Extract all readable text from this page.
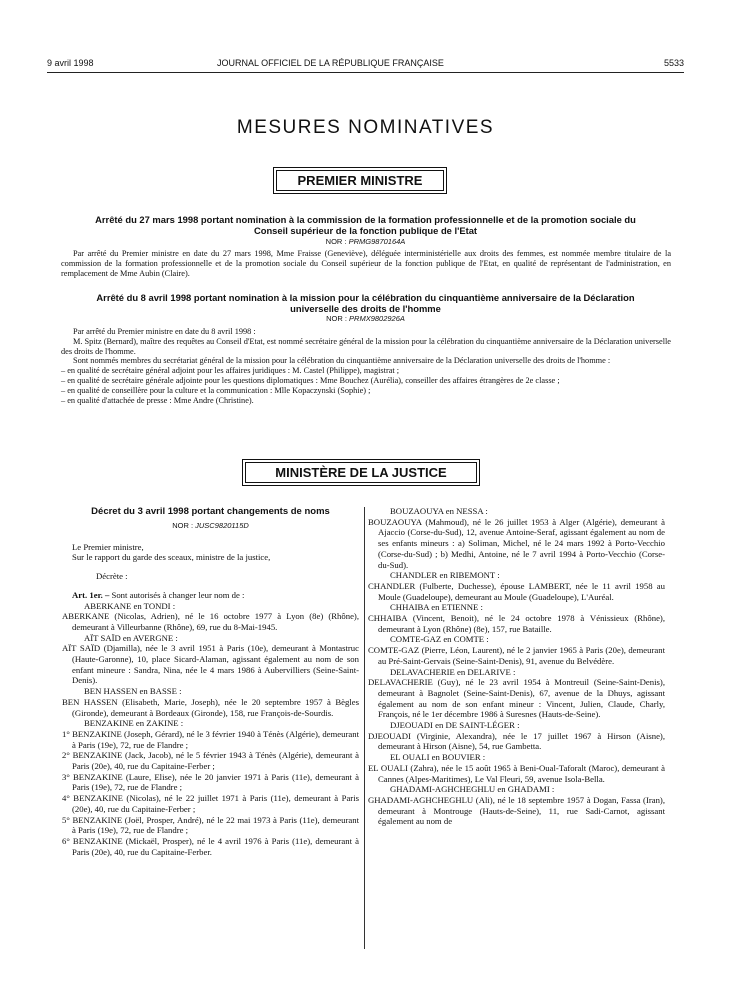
9 avril 1998	JOURNAL OFFICIEL DE LA RÉPUBLIQUE FRANÇAISE	5533
MESURES NOMINATIVES
PREMIER MINISTRE
Arrêté du 27 mars 1998 portant nomination à la commission de la formation professionnelle et de la promotion sociale du Conseil supérieur de la fonction publique de l'Etat
NOR : PRMG9870164A

Par arrêté du Premier ministre en date du 27 mars 1998, Mme Fraisse (Geneviève), déléguée interministérielle aux droits des femmes, est nommée membre titulaire de la commission de la formation professionnelle et de la promotion sociale du Conseil supérieur de la fonction publique de l'Etat, en qualité de représentant de l'administration, en remplacement de Mme Aubin (Claire).

Arrêté du 8 avril 1998 portant nomination à la mission pour la célébration du cinquantième anniversaire de la Déclaration universelle des droits de l'homme
NOR : PRMX9802926A

Par arrêté du Premier ministre en date du 8 avril 1998 :

M. Spitz (Bernard), maître des requêtes au Conseil d'Etat, est nommé secrétaire général de la mission pour la célébration du cinquantième anniversaire de la Déclaration universelle des droits de l'homme.

Sont nommés membres du secrétariat général de la mission pour la célébration du cinquantième anniversaire de la Déclaration universelle des droits de l'homme :

– en qualité de secrétaire général adjoint pour les affaires juridiques : M. Castel (Philippe), magistrat ;

– en qualité de secrétaire générale adjointe pour les questions diplomatiques : Mme Bouchez (Aurélia), conseiller des affaires étrangères de 2e classe ;

– en qualité de conseillère pour la culture et la communication : Mlle Kopaczynski (Sophie) ;

– en qualité d'attachée de presse : Mme Andre (Christine).

MINISTÈRE DE LA JUSTICE
Décret du 3 avril 1998 portant changements de noms
NOR : JUSC9820115D

Le Premier ministre,

Sur le rapport du garde des sceaux, ministre de la justice,

Décrète :

Art. 1er. – Sont autorisés à changer leur nom de :

ABERKANE en TONDI :

ABERKANE (Nicolas, Adrien), né le 16 octobre 1977 à Lyon (8e) (Rhône), demeurant à Villeurbanne (Rhône), 69, rue du 8-Mai-1945.

AÏT SAÏD en AVERGNE :

AÏT SAÏD (Djamilla), née le 3 avril 1951 à Paris (10e), demeurant à Montastruc (Haute-Garonne), 10, place Sicard-Alaman, agissant également au nom de son enfant mineure : Sandra, Nina, née le 4 mars 1986 à Aubervilliers (Seine-Saint-Denis).

BEN HASSEN en BASSE :

BEN HASSEN (Elisabeth, Marie, Joseph), née le 20 septembre 1957 à Bègles (Gironde), demeurant à Bordeaux (Gironde), 158, rue François-de-Sourdis.

BENZAKINE en ZAKINE :

1° BENZAKINE (Joseph, Gérard), né le 3 février 1940 à Ténès (Algérie), demeurant à Paris (19e), 72, rue de Flandre ;

2° BENZAKINE (Jack, Jacob), né le 5 février 1943 à Ténès (Algérie), demeurant à Paris (20e), 40, rue du Capitaine-Ferber ;

3° BENZAKINE (Laure, Elise), née le 20 janvier 1971 à Paris (11e), demeurant à Paris (19e), 72, rue de Flandre ;

4° BENZAKINE (Nicolas), né le 22 juillet 1971 à Paris (11e), demeurant à Paris (20e), 40, rue du Capitaine-Ferber ;

5° BENZAKINE (Joël, Prosper, André), né le 22 mai 1973 à Paris (11e), demeurant à Paris (19e), 72, rue de Flandre ;

6° BENZAKINE (Mickaël, Prosper), né le 4 avril 1976 à Paris (11e), demeurant à Paris (20e), 40, rue du Capitaine-Ferber.

BOUZAOUYA en NESSA :

BOUZAOUYA (Mahmoud), né le 26 juillet 1953 à Alger (Algérie), demeurant à Ajaccio (Corse-du-Sud), 12, avenue Antoine-Seraf, agissant également au nom de ses enfants mineurs : a) Soliman, Michel, né le 24 mars 1992 à Porto-Vecchio (Corse-du-Sud) ; b) Medhi, Antoine, né le 7 avril 1994 à Porto-Vecchio (Corse-du-Sud).

CHANDLER en RIBEMONT :

CHANDLER (Fulberte, Duchesse), épouse LAMBERT, née le 11 avril 1958 au Moule (Guadeloupe), demeurant au Moule (Guadeloupe), L'Auréal.

CHHAIBA en ETIENNE :

CHHAIBA (Vincent, Benoit), né le 24 octobre 1978 à Vénissieux (Rhône), demeurant à Lyon (Rhône) (8e), 157, rue Bataille.

COMTE-GAZ en COMTE :

COMTE-GAZ (Pierre, Léon, Laurent), né le 2 janvier 1965 à Paris (20e), demeurant au Pré-Saint-Gervais (Seine-Saint-Denis), 91, avenue du Belvédère.

DELAVACHERIE en DELARIVE :

DELAVACHERIE (Guy), né le 23 avril 1954 à Montreuil (Seine-Saint-Denis), demeurant à Bagnolet (Seine-Saint-Denis), 67, avenue de la Dhuys, agissant également au nom de son enfant mineur : Vincent, Julien, Claude, Charly, François, né le 1er décembre 1986 à Suresnes (Hauts-de-Seine).

DJEOUADI en DE SAINT-LÉGER :

DJEOUADI (Virginie, Alexandra), née le 17 juillet 1967 à Hirson (Aisne), demeurant à Hirson (Aisne), 54, rue Gambetta.

EL OUALI en BOUVIER :

EL OUALI (Zahra), née le 15 août 1965 à Beni-Oual-Taforalt (Maroc), demeurant à Cannes (Alpes-Maritimes), Le Val Fleuri, 59, avenue Isola-Bella.

GHADAMI-AGHCHEGHLU en GHADAMI :

GHADAMI-AGHCHEGHLU (Ali), né le 18 septembre 1957 à Dogan, Fassa (Iran), demeurant à Montrouge (Hauts-de-Seine), 11, rue Sadi-Carnot, agissant également au nom de
